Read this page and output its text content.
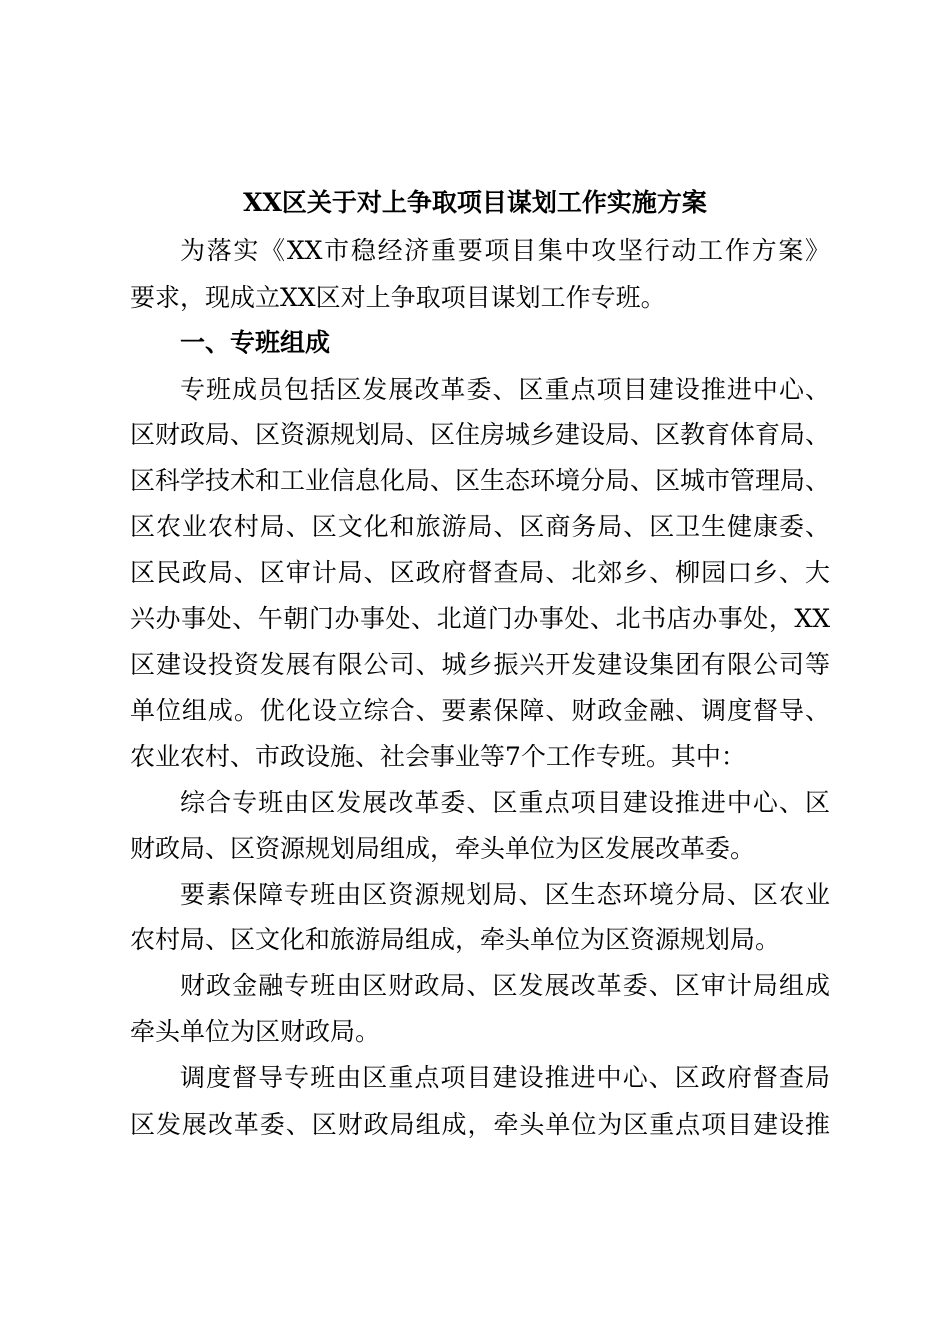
XX区关于对上争取项目谋划工作实施方案
为落实《XX市稳经济重要项目集中攻坚行动工作方案》
要求，现成立XX区对上争取项目谋划工作专班。
一、专班组成
专班成员包括区发展改革委、区重点项目建设推进中心、
区财政局、区资源规划局、区住房城乡建设局、区教育体育局、
区科学技术和工业信息化局、区生态环境分局、区城市管理局、
区农业农村局、区文化和旅游局、区商务局、区卫生健康委、
区民政局、区审计局、区政府督查局、北郊乡、柳园口乡、大
兴办事处、午朝门办事处、北道门办事处、北书店办事处，XX
区建设投资发展有限公司、城乡振兴开发建设集团有限公司等
单位组成。优化设立综合、要素保障、财政金融、调度督导、
农业农村、市政设施、社会事业等7个工作专班。其中：
综合专班由区发展改革委、区重点项目建设推进中心、区
财政局、区资源规划局组成，牵头单位为区发展改革委。
要素保障专班由区资源规划局、区生态环境分局、区农业
农村局、区文化和旅游局组成，牵头单位为区资源规划局。
财政金融专班由区财政局、区发展改革委、区审计局组成
牵头单位为区财政局。
调度督导专班由区重点项目建设推进中心、区政府督查局
区发展改革委、区财政局组成，牵头单位为区重点项目建设推
